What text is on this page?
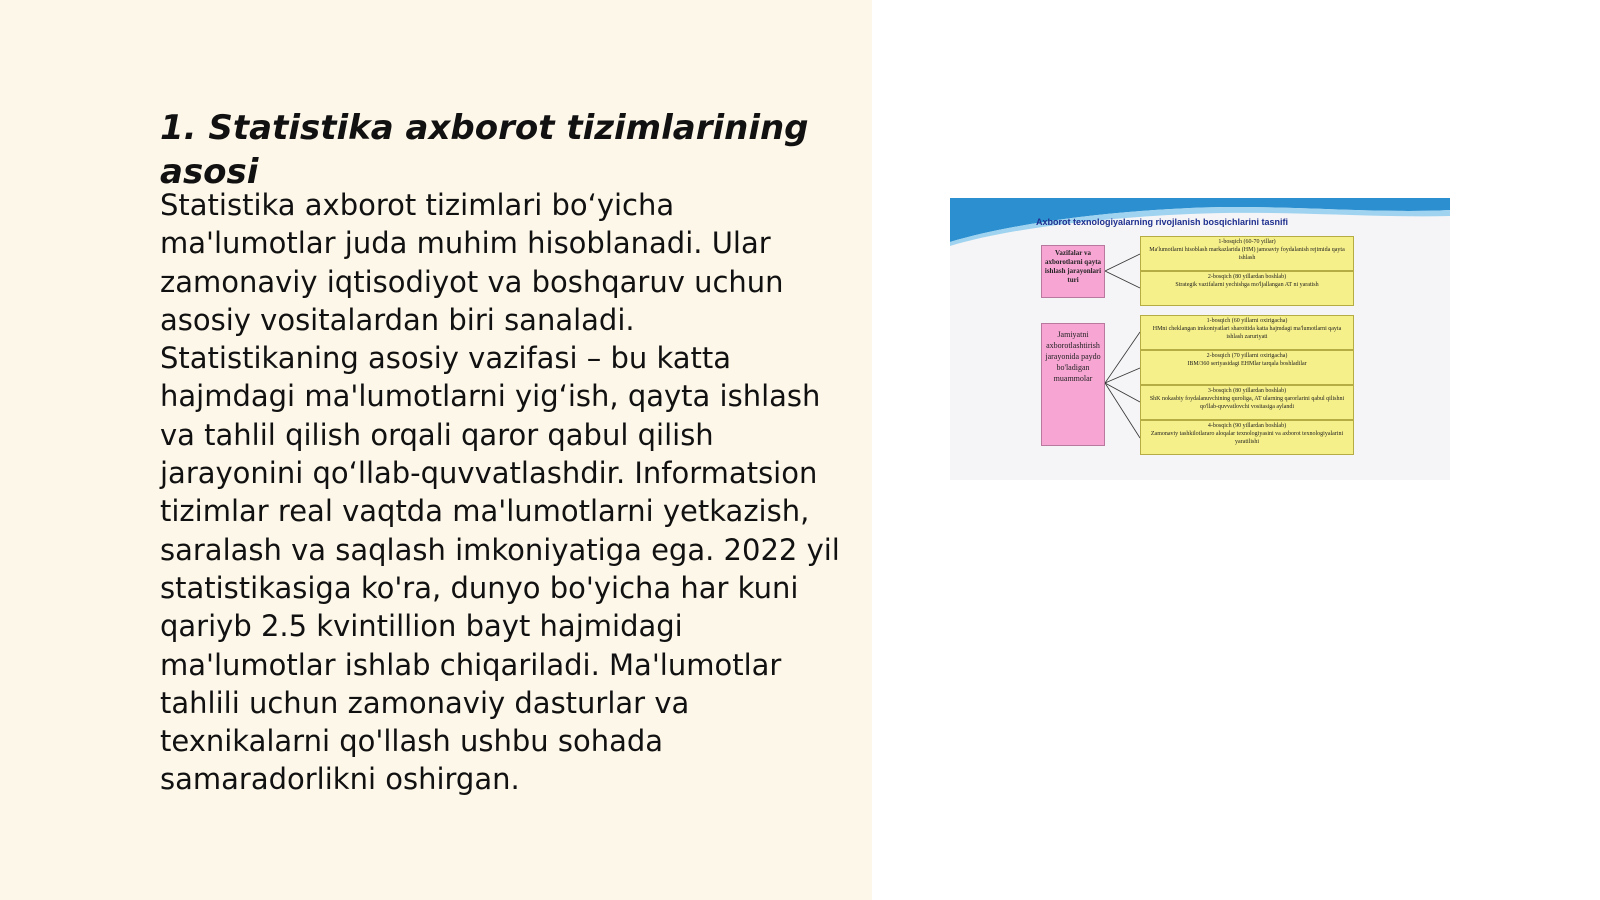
1. Statistika axborot tizimlarining asosi

Statistika axborot tizimlari bo‘yicha ma'lumotlar juda muhim hisoblanadi. Ular zamonaviy iqtisodiyot va boshqaruv uchun asosiy vositalardan biri sanaladi. Statistikaning asosiy vazifasi – bu katta hajmdagi ma'lumotlarni yig‘ish, qayta ishlash va tahlil qilish orqali qaror qabul qilish jarayonini qo‘llab-quvvatlashdir. Informatsion tizimlar real vaqtda ma'lumotlarni yetkazish, saralash va saqlash imkoniyatiga ega. 2022 yil statistikasiga ko'ra, dunyo bo'yicha har kuni qariyb 2.5 kvintillion bayt hajmidagi ma'lumotlar ishlab chiqariladi. Ma'lumotlar tahlili uchun zamonaviy dasturlar va texnikalarni qo'llash ushbu sohada samaradorlikni oshirgan.

Axborot texnologiyalarning rivojlanish bosqichlarini tasnifi
Vazifalar va axborotlarni qayta ishlash jarayonlari turi
Jamiyatni axborotlashtirish jarayonida paydo bo'ladigan muammolar
1-bosqich (60-70 yillar)
Ma'lumotlarni hisoblash markazlarida (HM) jamoaviy foydalanish rejimida qayta ishlash
2-bosqich (80 yillardan boshlab)
Strategik vazifalarni yechishga mo'ljallangan AT ni yaratish
1-bosqich (60 yillarni oxirigacha)
HMni cheklangan imkoniyatlari sharoitida katta hajmdagi ma'lumotlarni qayta ishlash zaruriyati
2-bosqich (70 yillarni oxirigacha)
IBM/360 seriyasidagi EHMlar tarqala boshladilar
3-bosqich (80 yillardan boshlab)
ShK nokasbiy foydalanuvchining quroliga, AT ularning qarorlarini qabul qilishni qo'llab-quvvatlovchi vositasiga aylandi
4-bosqich (90 yillardan boshlab)
Zamonaviy tashkilotlararo aloqalar texnologiyasini va axborot texnologiyalarini yaratilishi
